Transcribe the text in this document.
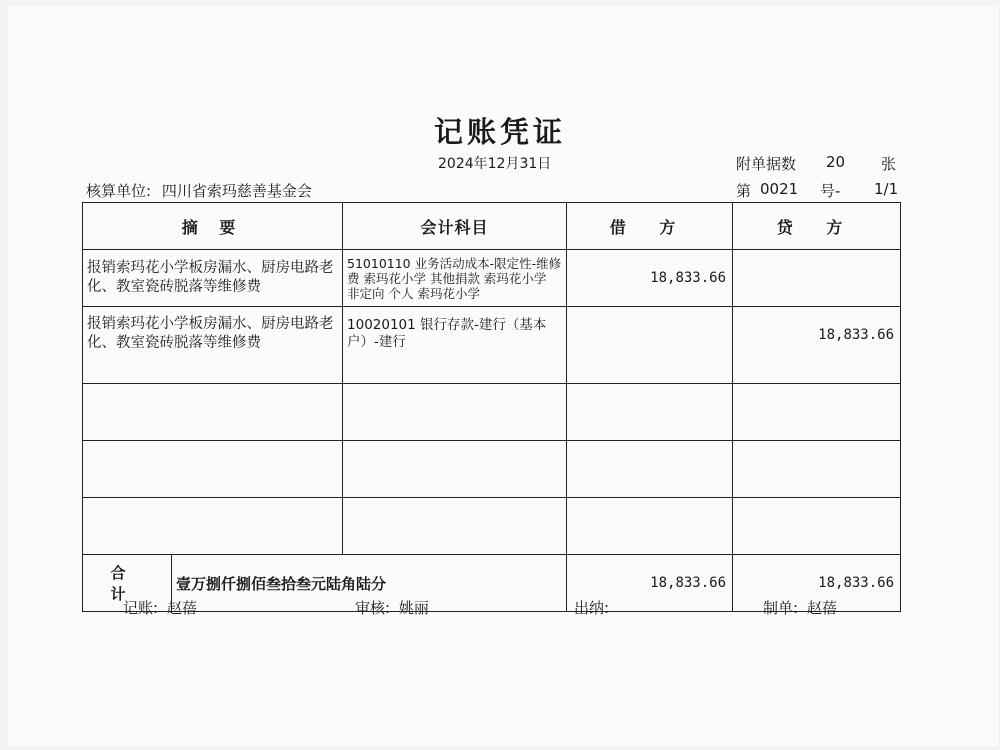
记账凭证
2024年12月31日	附单据数 20 张
核算单位: 四川省索玛慈善基金会	第 0021 号- 1/1
摘 要		会计科目	借 方	贷 方
报销索玛花小学板房漏水、厨房电路老化、教室瓷砖脱落等维修费		51010110 业务活动成本-限定性-维修费 索玛花小学 其他捐款 索玛花小学 非定向 个人 索玛花小学	18,833.66	
报销索玛花小学板房漏水、厨房电路老化、教室瓷砖脱落等维修费		10020101 银行存款-建行（基本户）-建行		18,833.66

合 计	壹万捌仟捌佰叁拾叁元陆角陆分		18,833.66	18,833.66
记账: 赵蓓	审核: 姚丽	出纳:	制单: 赵蓓
